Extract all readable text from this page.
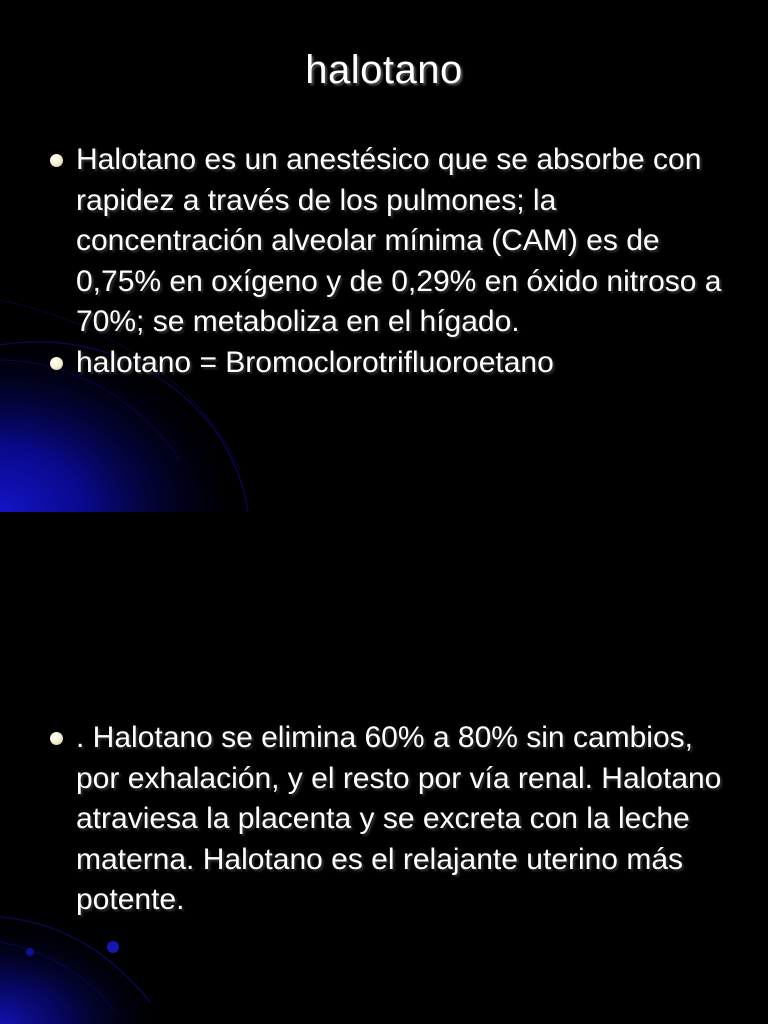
halotano
Halotano es un anestésico que se absorbe con rapidez a través de los pulmones; la concentración alveolar mínima (CAM) es de 0,75% en oxígeno y de 0,29% en óxido nitroso a 70%; se metaboliza en el hígado.
halotano = Bromoclorotrifluoroetano
. Halotano se elimina 60% a 80% sin cambios, por exhalación, y el resto por vía renal. Halotano atraviesa la placenta y se excreta con la leche materna. Halotano es el relajante uterino más potente.
